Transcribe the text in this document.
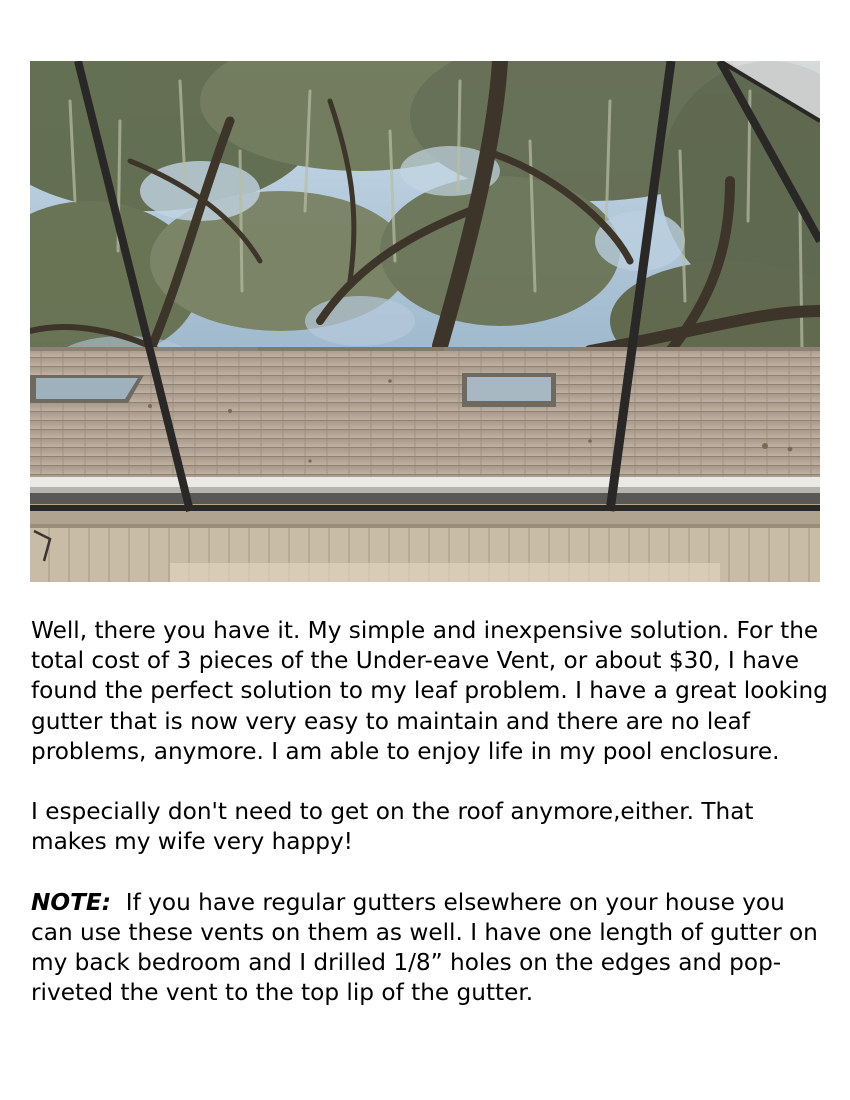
Well, there you have it. My simple and inexpensive solution. For the total cost of 3 pieces of the Under-eave Vent, or about $30, I have found the perfect solution to my leaf problem. I have a great looking gutter that is now very easy to maintain and there are no leaf problems, anymore. I am able to enjoy life in my pool enclosure.

I especially don't need to get on the roof anymore,either. That makes my wife very happy!

NOTE: If you have regular gutters elsewhere on your house you can use these vents on them as well. I have one length of gutter on my back bedroom and I drilled 1/8” holes on the edges and pop-riveted the vent to the top lip of the gutter.
